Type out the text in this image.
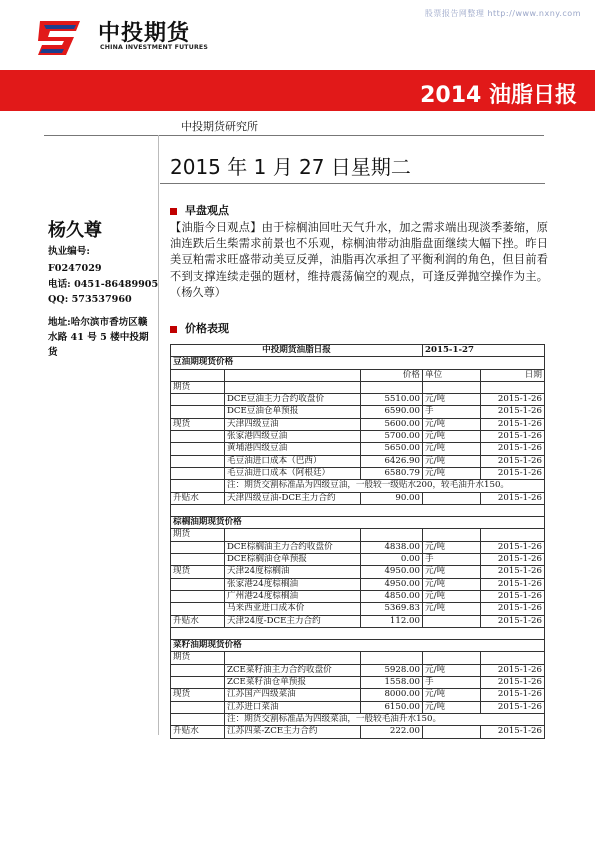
股票报告网整理 http://www.nxny.com
中投期货
CHINA INVESTMENT FUTURES
2014 油脂日报
中投期货研究所
2015 年 1 月 27 日星期二
早盘观点
【油脂今日观点】由于棕榈油回吐天气升水，加之需求端出现淡季萎缩，原油连跌后生柴需求前景也不乐观，棕榈油带动油脂盘面继续大幅下挫。昨日美豆粕需求旺盛带动美豆反弹，油脂再次承担了平衡利润的角色，但目前看不到支撑连续走强的题材，维持震荡偏空的观点，可逢反弹抛空操作为主。（杨久尊）
杨久尊
执业编号:
F0247029
电话: 0451-86489905
QQ: 573537960
地址:哈尔滨市香坊区赣水路 41 号 5 楼中投期货
价格表现
中投期货油脂日报			2015-1-27	
豆油期现货价格				
		价格	单位	日期
期货				
	DCE豆油主力合约收盘价	5510.00	元/吨	2015-1-26
	DCE豆油仓单预报	6590.00	手	2015-1-26
现货	天津四级豆油	5600.00	元/吨	2015-1-26
	张家港四级豆油	5700.00	元/吨	2015-1-26
	黄埔港四级豆油	5650.00	元/吨	2015-1-26
	毛豆油进口成本（巴西）	6426.90	元/吨	2015-1-26
	毛豆油进口成本（阿根廷）	6580.79	元/吨	2015-1-26
	注：期货交割标准品为四级豆油，一般较一级贴水200，较毛油升水150。			
升贴水	天津四级豆油-DCE主力合约	90.00		2015-1-26

棕榈油期现货价格				
期货				
	DCE棕榈油主力合约收盘价	4838.00	元/吨	2015-1-26
	DCE棕榈油仓单预报	0.00	手	2015-1-26
现货	天津24度棕榈油	4950.00	元/吨	2015-1-26
	张家港24度棕榈油	4950.00	元/吨	2015-1-26
	广州港24度棕榈油	4850.00	元/吨	2015-1-26
	马来西亚进口成本价	5369.83	元/吨	2015-1-26
升贴水	天津24度-DCE主力合约	112.00		2015-1-26

菜籽油期现货价格				
期货				
	ZCE菜籽油主力合约收盘价	5928.00	元/吨	2015-1-26
	ZCE菜籽油仓单预报	1558.00	手	2015-1-26
现货	江苏国产四级菜油	8000.00	元/吨	2015-1-26
	江苏进口菜油	6150.00	元/吨	2015-1-26
	注：期货交割标准品为四级菜油，一般较毛油升水150。			
升贴水	江苏四菜-ZCE主力合约	222.00		2015-1-26
